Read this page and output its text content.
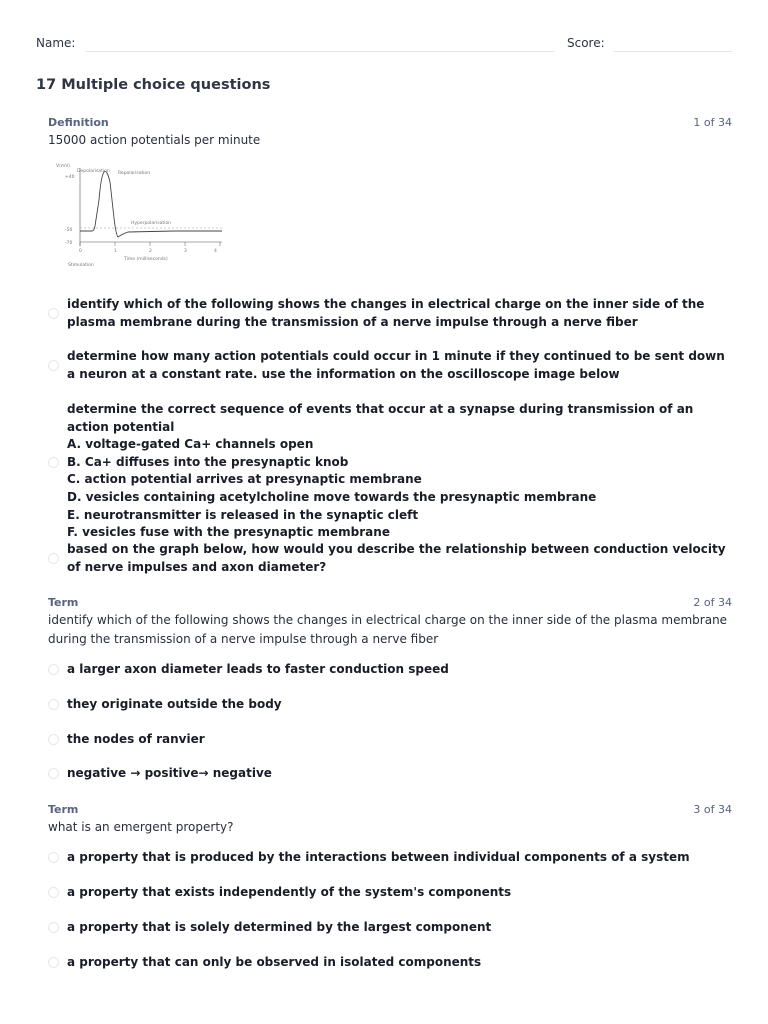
Name:	Score:
17 Multiple choice questions
Definition	1 of 34
15000 action potentials per minute
V(mV)
+40
-50
-70
0	1	2	3	4
Time (milliseconds)
Stimulation
Depolarisation Repolarisation
Hyperpolarisation
identify which of the following shows the changes in electrical charge on the inner side of the plasma membrane during the transmission of a nerve impulse through a nerve fiber
determine how many action potentials could occur in 1 minute if they continued to be sent down a neuron at a constant rate. use the information on the oscilloscope image below
determine the correct sequence of events that occur at a synapse during transmission of an action potential
A. voltage-gated Ca+ channels open
B. Ca+ diffuses into the presynaptic knob
C. action potential arrives at presynaptic membrane
D. vesicles containing acetylcholine move towards the presynaptic membrane
E. neurotransmitter is released in the synaptic cleft
F. vesicles fuse with the presynaptic membrane
based on the graph below, how would you describe the relationship between conduction velocity of nerve impulses and axon diameter?
Term	2 of 34
identify which of the following shows the changes in electrical charge on the inner side of the plasma membrane during the transmission of a nerve impulse through a nerve fiber
a larger axon diameter leads to faster conduction speed
they originate outside the body
the nodes of ranvier
negative → positive→ negative
Term	3 of 34
what is an emergent property?
a property that is produced by the interactions between individual components of a system
a property that exists independently of the system's components
a property that is solely determined by the largest component
a property that can only be observed in isolated components
